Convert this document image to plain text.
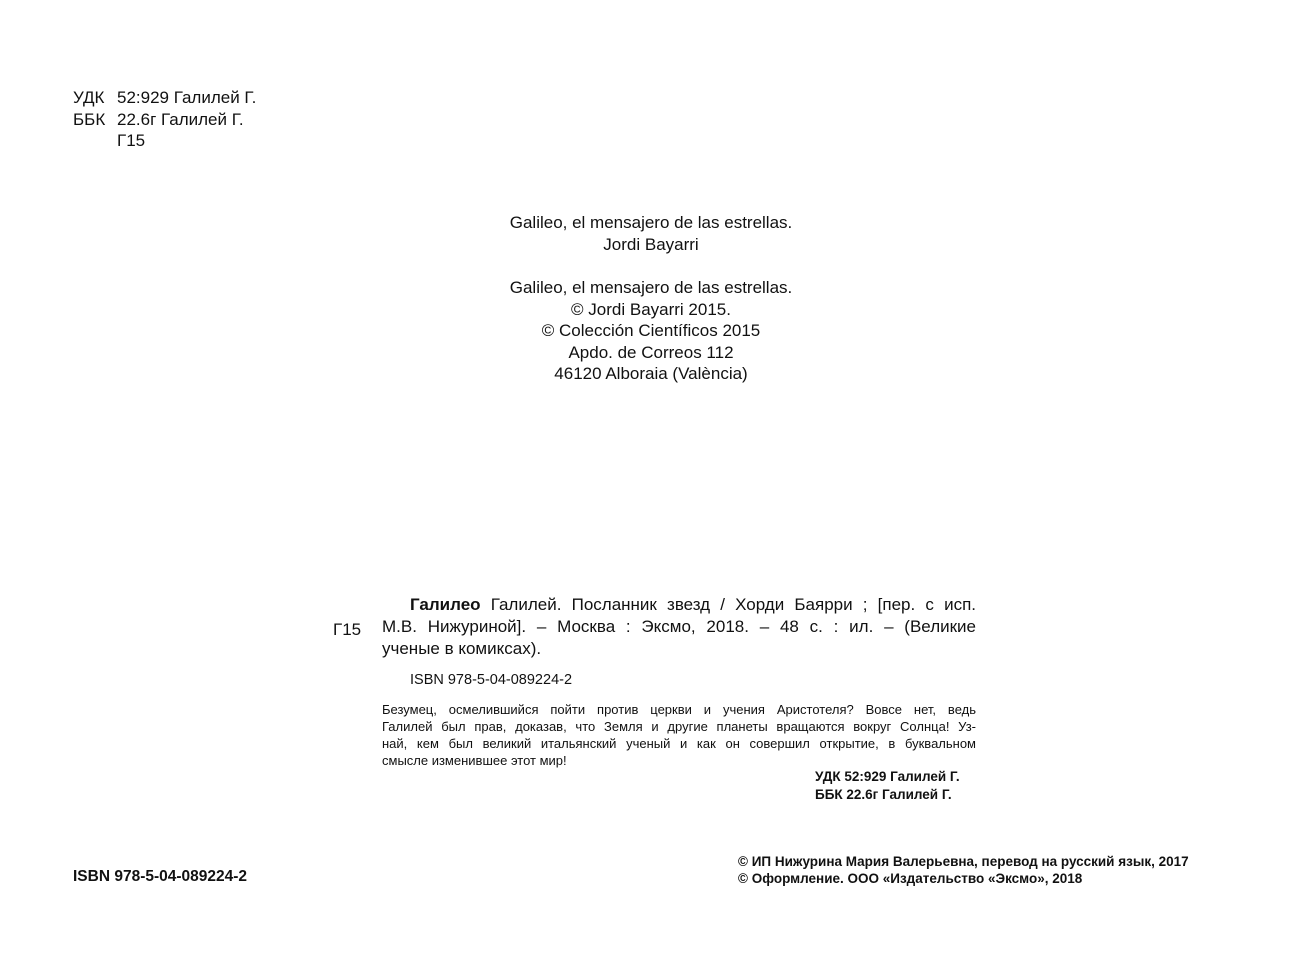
УДК 52:929 Галилей Г.
ББК 22.6г Галилей Г.
Г15
Galileo, el mensajero de las estrellas.
Jordi Bayarri
Galileo, el mensajero de las estrellas.
© Jordi Bayarri 2015.
© Colección Científicos 2015
Apdo. de Correos 112
46120 Alboraia (València)
Г15
Галилео Галилей. Посланник звезд / Хорди Баярри ; [пер. с исп.
М.В. Нижуриной]. – Москва : Эксмо, 2018. – 48 с. : ил. – (Великие
ученые в комиксах).
ISBN 978-5-04-089224-2
Безумец, осмелившийся пойти против церкви и учения Аристотеля? Вовсе нет, ведь
Галилей был прав, доказав, что Земля и другие планеты вращаются вокруг Солнца! Уз-
най, кем был великий итальянский ученый и как он совершил открытие, в буквальном
смысле изменившее этот мир!
УДК 52:929 Галилей Г.
ББК 22.6г Галилей Г.
ISBN 978-5-04-089224-2
© ИП Нижурина Мария Валерьевна, перевод на русский язык, 2017
© Оформление. ООО «Издательство «Эксмо», 2018
